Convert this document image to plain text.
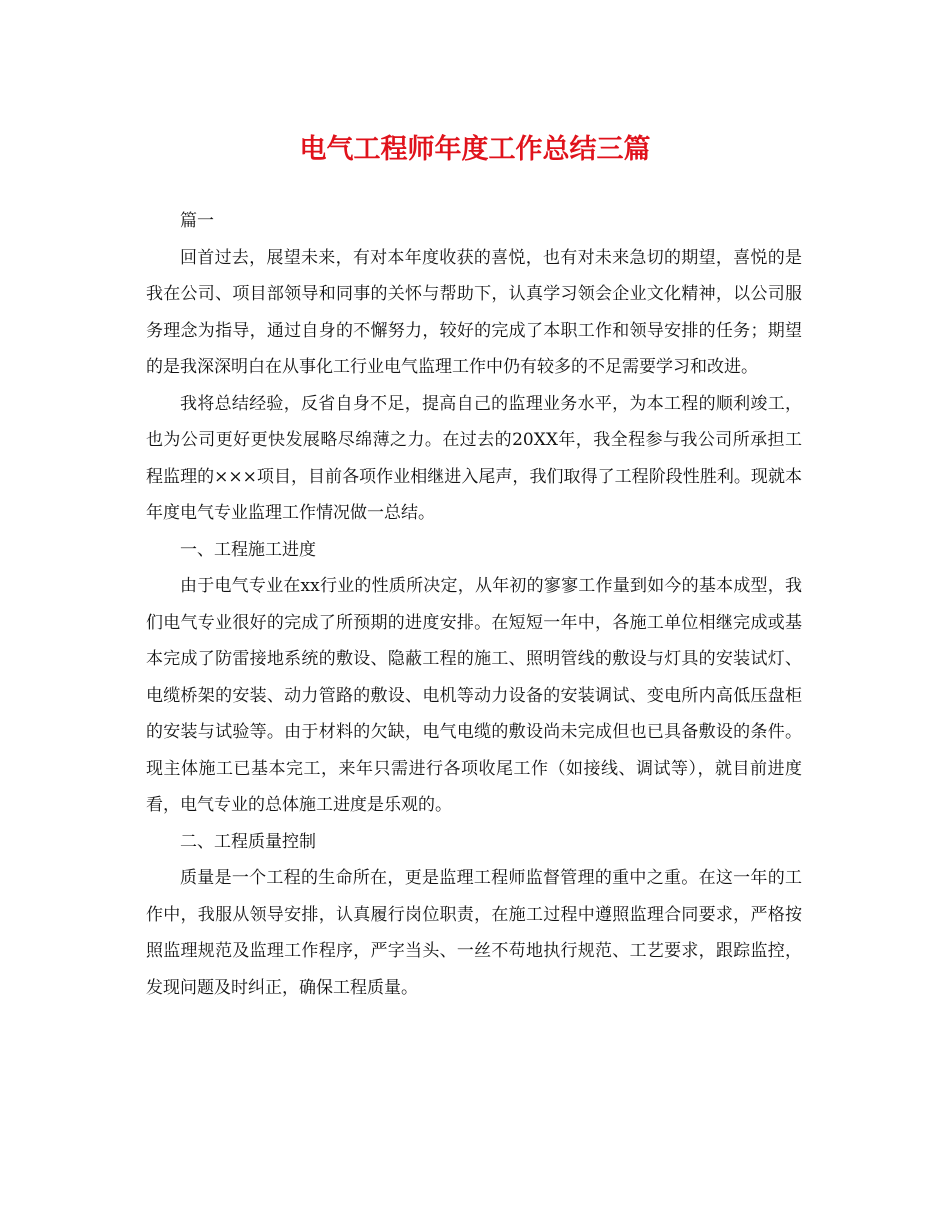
电气工程师年度工作总结三篇

篇一

回首过去，展望未来，有对本年度收获的喜悦，也有对未来急切的期望，喜悦的是我在公司、项目部领导和同事的关怀与帮助下，认真学习领会企业文化精神，以公司服务理念为指导，通过自身的不懈努力，较好的完成了本职工作和领导安排的任务；期望的是我深深明白在从事化工行业电气监理工作中仍有较多的不足需要学习和改进。

我将总结经验，反省自身不足，提高自己的监理业务水平，为本工程的顺利竣工，也为公司更好更快发展略尽绵薄之力。在过去的20XX年，我全程参与我公司所承担工程监理的×××项目，目前各项作业相继进入尾声，我们取得了工程阶段性胜利。现就本年度电气专业监理工作情况做一总结。

一、工程施工进度

由于电气专业在xx行业的性质所决定，从年初的寥寥工作量到如今的基本成型，我们电气专业很好的完成了所预期的进度安排。在短短一年中，各施工单位相继完成或基本完成了防雷接地系统的敷设、隐蔽工程的施工、照明管线的敷设与灯具的安装试灯、电缆桥架的安装、动力管路的敷设、电机等动力设备的安装调试、变电所内高低压盘柜的安装与试验等。由于材料的欠缺，电气电缆的敷设尚未完成但也已具备敷设的条件。现主体施工已基本完工，来年只需进行各项收尾工作（如接线、调试等），就目前进度看，电气专业的总体施工进度是乐观的。

二、工程质量控制

质量是一个工程的生命所在，更是监理工程师监督管理的重中之重。在这一年的工作中，我服从领导安排，认真履行岗位职责，在施工过程中遵照监理合同要求，严格按照监理规范及监理工作程序，严字当头、一丝不苟地执行规范、工艺要求，跟踪监控，发现问题及时纠正，确保工程质量。
